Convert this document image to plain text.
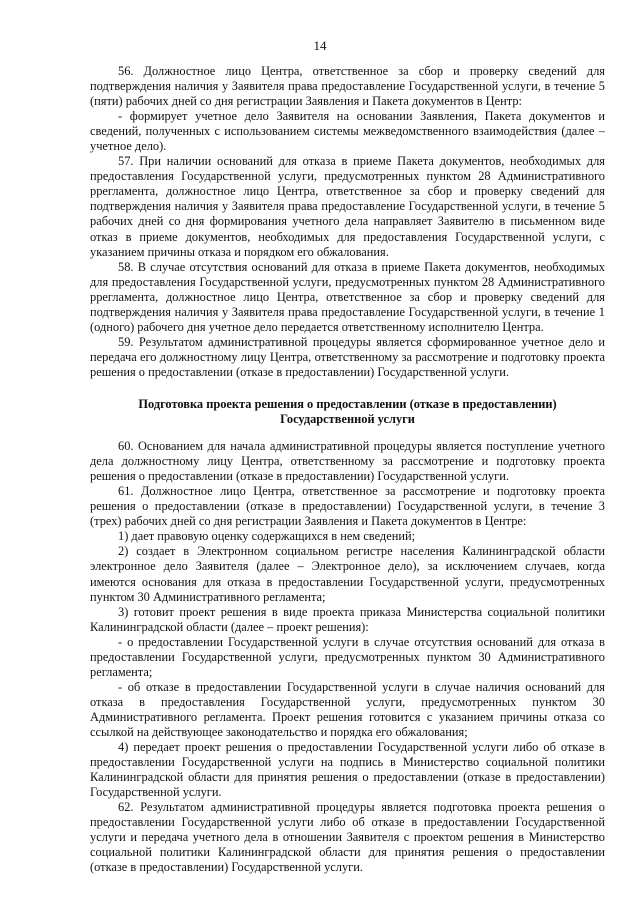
14

56. Должностное лицо Центра, ответственное за сбор и проверку сведений для подтверждения наличия у Заявителя права предоставление Государственной услуги, в течение 5 (пяти) рабочих дней со дня регистрации Заявления и Пакета документов в Центр:

- формирует учетное дело Заявителя на основании Заявления, Пакета документов и сведений, полученных с использованием системы межведомственного взаимодействия (далее – учетное дело).

57. При наличии оснований для отказа в приеме Пакета документов, необходимых для предоставления Государственной услуги, предусмотренных пунктом 28 Административного ррегламента, должностное лицо Центра, ответственное за сбор и проверку сведений для подтверждения наличия у Заявителя права предоставление Государственной услуги, в течение 5 рабочих дней со дня формирования учетного дела направляет Заявителю в письменном виде отказ в приеме документов, необходимых для предоставления Государственной услуги, с указанием причины отказа и порядком его обжалования.

58. В случае отсутствия оснований для отказа в приеме Пакета документов, необходимых для предоставления Государственной услуги, предусмотренных пунктом 28 Административного ррегламента, должностное лицо Центра, ответственное за сбор и проверку сведений для подтверждения наличия у Заявителя права предоставление Государственной услуги, в течение 1 (одного) рабочего дня учетное дело передается ответственному исполнителю Центра.

59. Результатом административной процедуры является сформированное учетное дело и передача его должностному лицу Центра, ответственному за рассмотрение и подготовку проекта решения о предоставлении (отказе в предоставлении) Государственной услуги.

Подготовка проекта решения о предоставлении (отказе в предоставлении) Государственной услуги

60. Основанием для начала административной процедуры является поступление учетного дела должностному лицу Центра, ответственному за рассмотрение и подготовку проекта решения о предоставлении (отказе в предоставлении) Государственной услуги.

61. Должностное лицо Центра, ответственное за рассмотрение и подготовку проекта решения о предоставлении (отказе в предоставлении) Государственной услуги, в течение 3 (трех) рабочих дней со дня регистрации Заявления и Пакета документов в Центре:

1) дает правовую оценку содержащихся в нем сведений;

2) создает в Электронном социальном регистре населения Калининградской области электронное дело Заявителя (далее – Электронное дело), за исключением случаев, когда имеются основания для отказа в предоставлении Государственной услуги, предусмотренных пунктом 30 Административного регламента;

3) готовит проект решения в виде проекта приказа Министерства социальной политики Калининградской области (далее – проект решения):

- о предоставлении Государственной услуги в случае отсутствия оснований для отказа в предоставлении Государственной услуги, предусмотренных пунктом 30 Административного регламента;

- об отказе в предоставлении Государственной услуги в случае наличия оснований для отказа в предоставления Государственной услуги, предусмотренных пунктом 30 Административного регламента. Проект решения готовится с указанием причины отказа со ссылкой на действующее законодательство и порядка его обжалования;

4) передает проект решения о предоставлении Государственной услуги либо об отказе в предоставлении Государственной услуги на подпись в Министерство социальной политики Калининградской области для принятия решения о предоставлении (отказе в предоставлении) Государственной услуги.

62. Результатом административной процедуры является подготовка проекта решения о предоставлении Государственной услуги либо об отказе в предоставлении Государственной услуги и передача учетного дела в отношении Заявителя с проектом решения в Министерство социальной политики Калининградской области для принятия решения о предоставлении (отказе в предоставлении) Государственной услуги.
